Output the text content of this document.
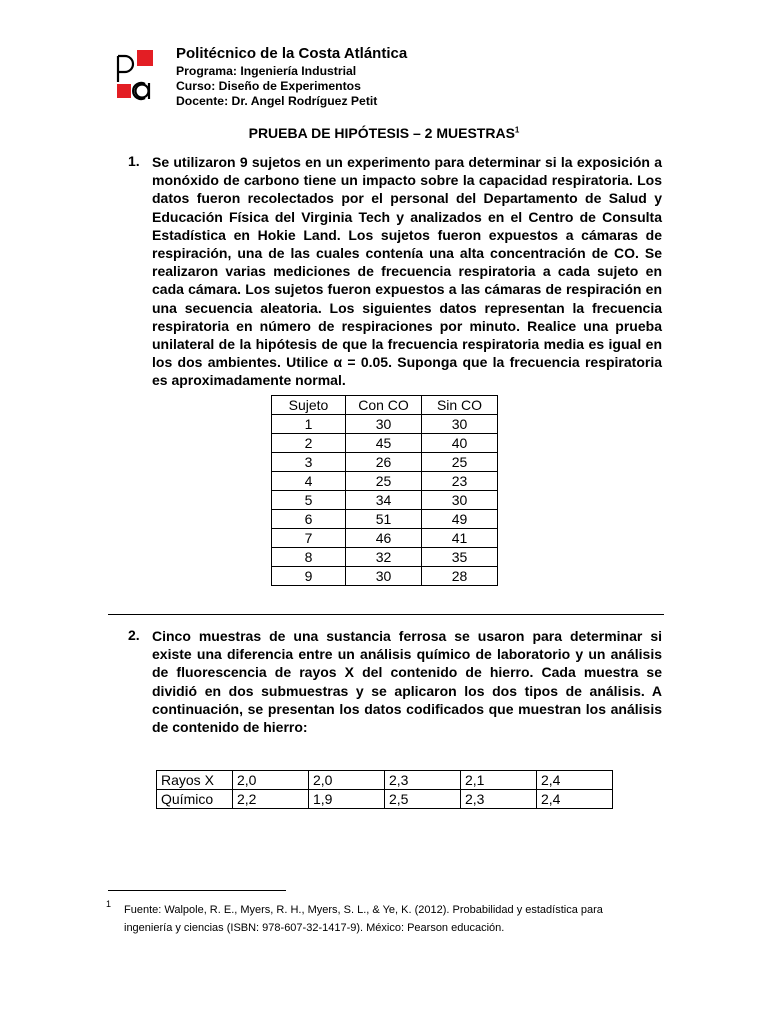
Politécnico de la Costa Atlántica
Programa: Ingeniería Industrial
Curso: Diseño de Experimentos
Docente: Dr. Angel Rodríguez Petit
PRUEBA DE HIPÓTESIS – 2 MUESTRAS$^1$
1. Se utilizaron 9 sujetos en un experimento para determinar si la exposición a monóxido de carbono tiene un impacto sobre la capacidad respiratoria. Los datos fueron recolectados por el personal del Departamento de Salud y Educación Física del Virginia Tech y analizados en el Centro de Consulta Estadística en Hokie Land. Los sujetos fueron expuestos a cámaras de respiración, una de las cuales contenía una alta concentración de CO. Se realizaron varias mediciones de frecuencia respiratoria a cada sujeto en cada cámara. Los sujetos fueron expuestos a las cámaras de respiración en una secuencia aleatoria. Los siguientes datos representan la frecuencia respiratoria en número de respiraciones por minuto. Realice una prueba unilateral de la hipótesis de que la frecuencia respiratoria media es igual en los dos ambientes. Utilice α = 0.05. Suponga que la frecuencia respiratoria es aproximadamente normal.
Sujeto	Con CO	Sin CO
1	30	30
2	45	40
3	26	25
4	25	23
5	34	30
6	51	49
7	46	41
8	32	35
9	30	28
2. Cinco muestras de una sustancia ferrosa se usaron para determinar si existe una diferencia entre un análisis químico de laboratorio y un análisis de fluorescencia de rayos X del contenido de hierro. Cada muestra se dividió en dos submuestras y se aplicaron los dos tipos de análisis. A continuación, se presentan los datos codificados que muestran los análisis de contenido de hierro:
Rayos X	2,0	2,0	2,3	2,1	2,4
Químico	2,2	1,9	2,5	2,3	2,4
1 Fuente: Walpole, R. E., Myers, R. H., Myers, S. L., & Ye, K. (2012). Probabilidad y estadística para ingeniería y ciencias (ISBN: 978-607-32-1417-9). México: Pearson educación.
